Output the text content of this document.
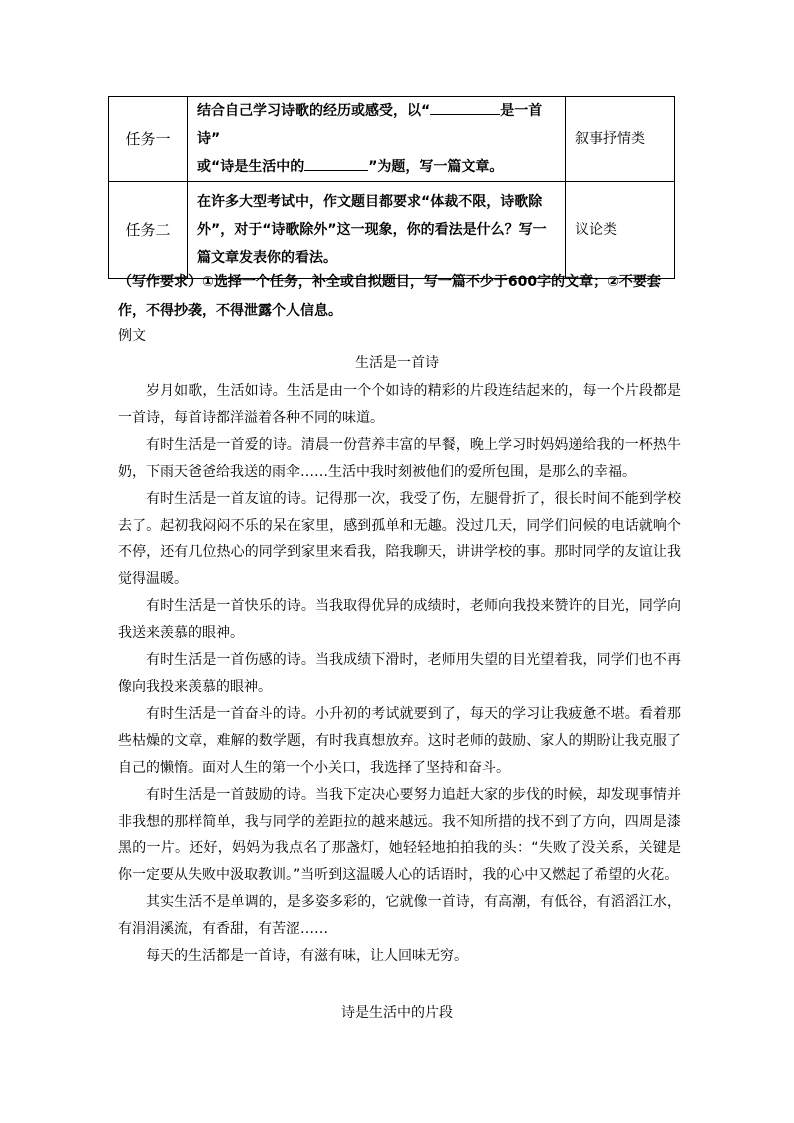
任务一	结合自己学习诗歌的经历或感受，以“ 是一首诗”
或“诗是生活中的 ”为题，写一篇文章。	叙事抒情类
任务二	在许多大型考试中，作文题目都要求“体裁不限，诗歌除外”，对于“诗歌除外”这一现象，你的看法是什么？写一篇文章发表你的看法。	议论类
（写作要求）①选择一个任务，补全或自拟题目，写一篇不少于600字的文章；②不要套作，不得抄袭，不得泄露个人信息。
例文
生活是一首诗

岁月如歌，生活如诗。生活是由一个个如诗的精彩的片段连结起来的，每一个片段都是一首诗，每首诗都洋溢着各种不同的味道。

有时生活是一首爱的诗。清晨一份营养丰富的早餐，晚上学习时妈妈递给我的一杯热牛奶，下雨天爸爸给我送的雨伞……生活中我时刻被他们的爱所包围，是那么的幸福。

有时生活是一首友谊的诗。记得那一次，我受了伤，左腿骨折了，很长时间不能到学校去了。起初我闷闷不乐的呆在家里，感到孤单和无趣。没过几天，同学们问候的电话就响个不停，还有几位热心的同学到家里来看我，陪我聊天，讲讲学校的事。那时同学的友谊让我觉得温暖。

有时生活是一首快乐的诗。当我取得优异的成绩时，老师向我投来赞许的目光，同学向我送来羡慕的眼神。

有时生活是一首伤感的诗。当我成绩下滑时，老师用失望的目光望着我，同学们也不再像向我投来羡慕的眼神。

有时生活是一首奋斗的诗。小升初的考试就要到了，每天的学习让我疲惫不堪。看着那些枯燥的文章，难解的数学题，有时我真想放弃。这时老师的鼓励、家人的期盼让我克服了自己的懒惰。面对人生的第一个小关口，我选择了坚持和奋斗。

有时生活是一首鼓励的诗。当我下定决心要努力追赶大家的步伐的时候，却发现事情并非我想的那样简单，我与同学的差距拉的越来越远。我不知所措的找不到了方向，四周是漆黑的一片。还好，妈妈为我点名了那盏灯，她轻轻地拍拍我的头：“失败了没关系，关键是你一定要从失败中汲取教训。”当听到这温暖人心的话语时，我的心中又燃起了希望的火花。

其实生活不是单调的，是多姿多彩的，它就像一首诗，有高潮，有低谷，有滔滔江水，有涓涓溪流，有香甜，有苦涩……

每天的生活都是一首诗，有滋有味，让人回味无穷。

诗是生活中的片段
